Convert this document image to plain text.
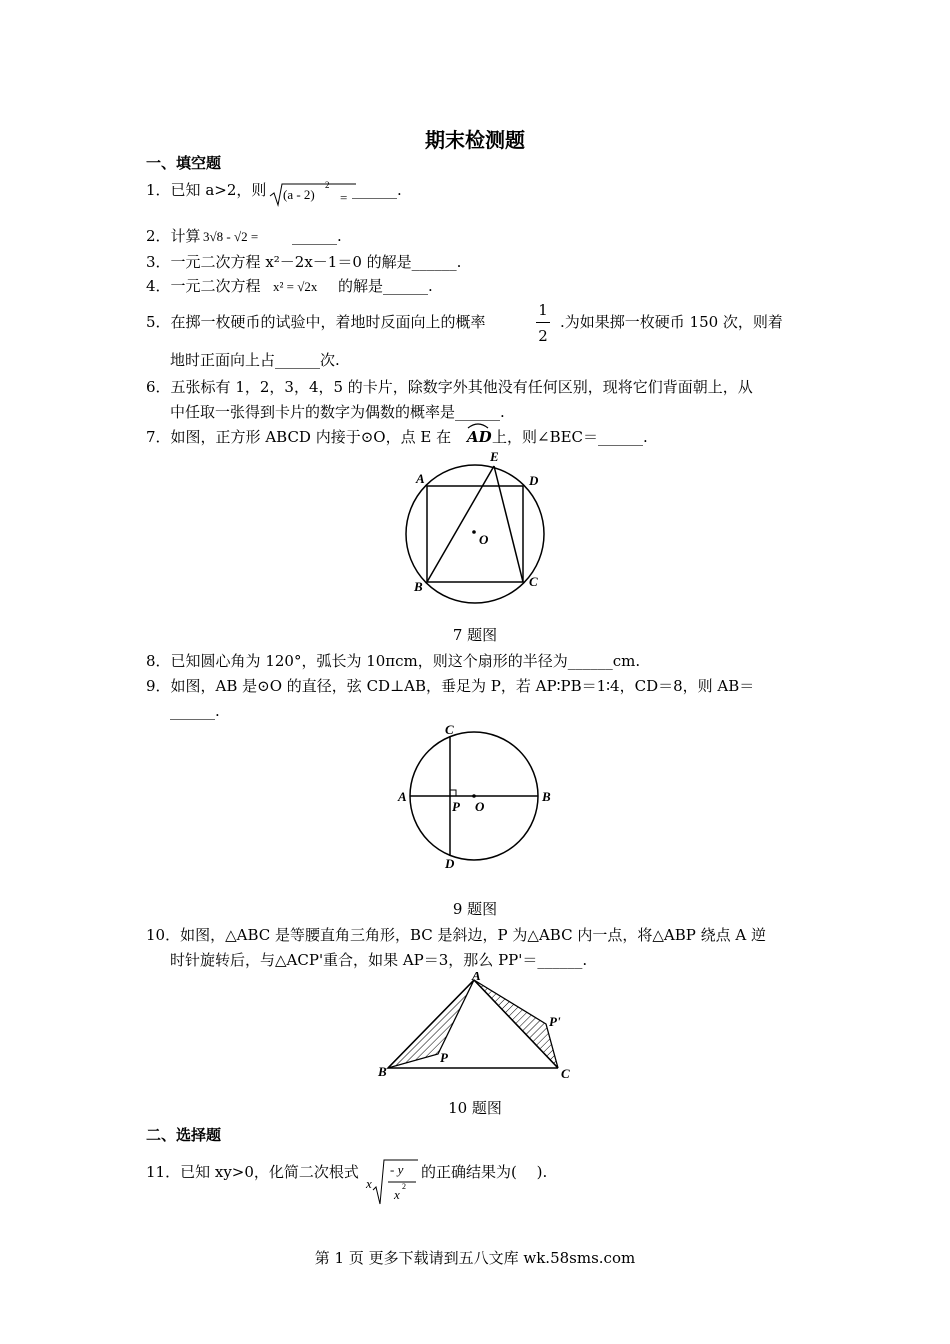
期末检测题
一、填空题
1．已知 a>2，则 (a - 2)
2
= ______.
2．计算 3√8 - √2 = ______.
3．一元二次方程 x²－2x－1＝0 的解是______.
4．一元二次方程 x² = √2x 的解是______.
5．在掷一枚硬币的试验中，着地时反面向上的概率
1
2
.为如果掷一枚硬币 150 次，则着
地时正面向上占______次.
6．五张标有 1，2，3，4，5 的卡片，除数字外其他没有任何区别，现将它们背面朝上，从
中任取一张得到卡片的数字为偶数的概率是______.
7．如图，正方形 ABCD 内接于⊙O，点 E 在 AD 上，则∠BEC＝______.
A	D
E
B	C
O
7 题图
8．已知圆心角为 120°，弧长为 10πcm，则这个扇形的半径为______cm.
9．如图，AB 是⊙O 的直径，弦 CD⊥AB，垂足为 P，若 AP∶PB＝1∶4，CD＝8，则 AB＝
______.
A	B
C
D
P O
9 题图
10．如图，△ABC 是等腰直角三角形，BC 是斜边，P 为△ABC 内一点，将△ABP 绕点 A 逆
时针旋转后，与△ACP'重合，如果 AP＝3，那么 PP'＝______.
A
B	C
P
P'
10 题图
二、选择题
11．已知 xy>0，化简二次根式
x
- y
x
2
的正确结果为(　 ).
第 1 页 更多下载请到五八文库 wk.58sms.com
